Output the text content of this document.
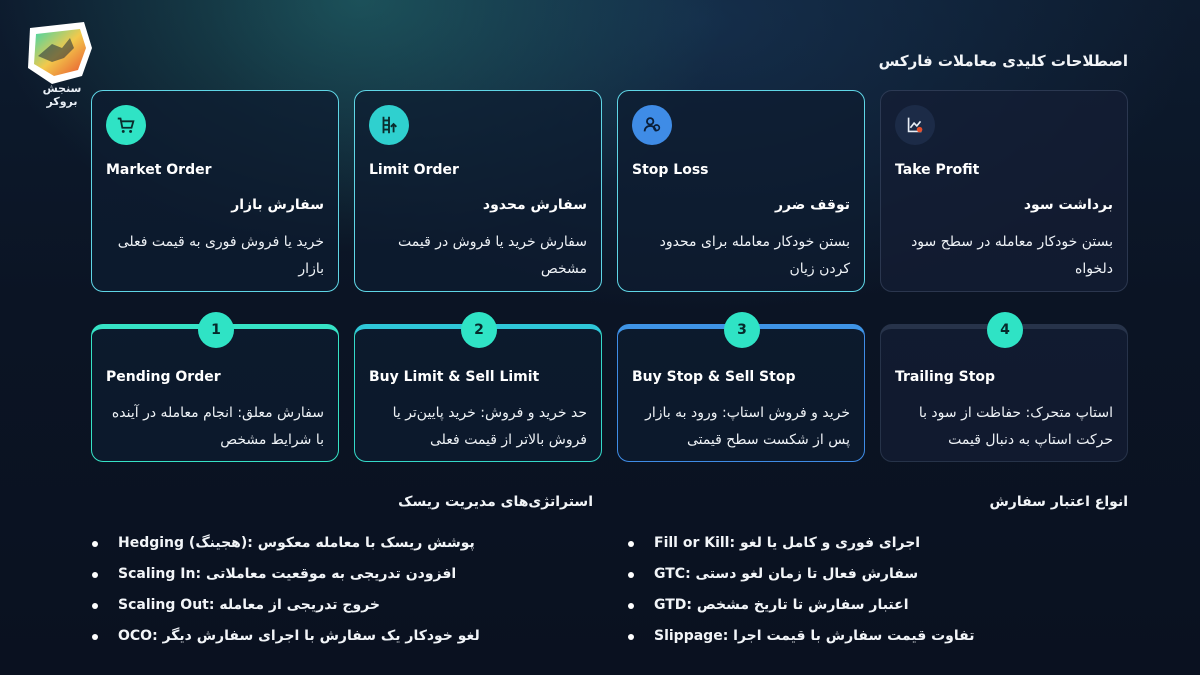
سنجش بروکر
اصطلاحات کلیدی معاملات فارکس
Market Order
سفارش بازار
خرید یا فروش فوری به قیمت فعلی بازار
Limit Order
سفارش محدود
سفارش خرید یا فروش در قیمت مشخص
Stop Loss
توقف ضرر
بستن خودکار معامله برای محدود کردن زیان
Take Profit
برداشت سود
بستن خودکار معامله در سطح سود دلخواه
1
Pending Order
سفارش معلق: انجام معامله در آینده با شرایط مشخص
2
Buy Limit & Sell Limit
حد خرید و فروش: خرید پایین‌تر یا فروش بالاتر از قیمت فعلی
3
Buy Stop & Sell Stop
خرید و فروش استاپ: ورود به بازار پس از شکست سطح قیمتی
4
Trailing Stop
استاپ متحرک: حفاظت از سود با حرکت استاپ به دنبال قیمت
استراتژی‌های مدیریت ریسک
Hedging (هجینگ): پوشش ریسک با معامله معکوس
Scaling In: افزودن تدریجی به موقعیت معاملاتی
Scaling Out: خروج تدریجی از معامله
OCO: لغو خودکار یک سفارش با اجرای سفارش دیگر
انواع اعتبار سفارش
Fill or Kill: اجرای فوری و کامل یا لغو
GTC: سفارش فعال تا زمان لغو دستی
GTD: اعتبار سفارش تا تاریخ مشخص
Slippage: تفاوت قیمت سفارش با قیمت اجرا
